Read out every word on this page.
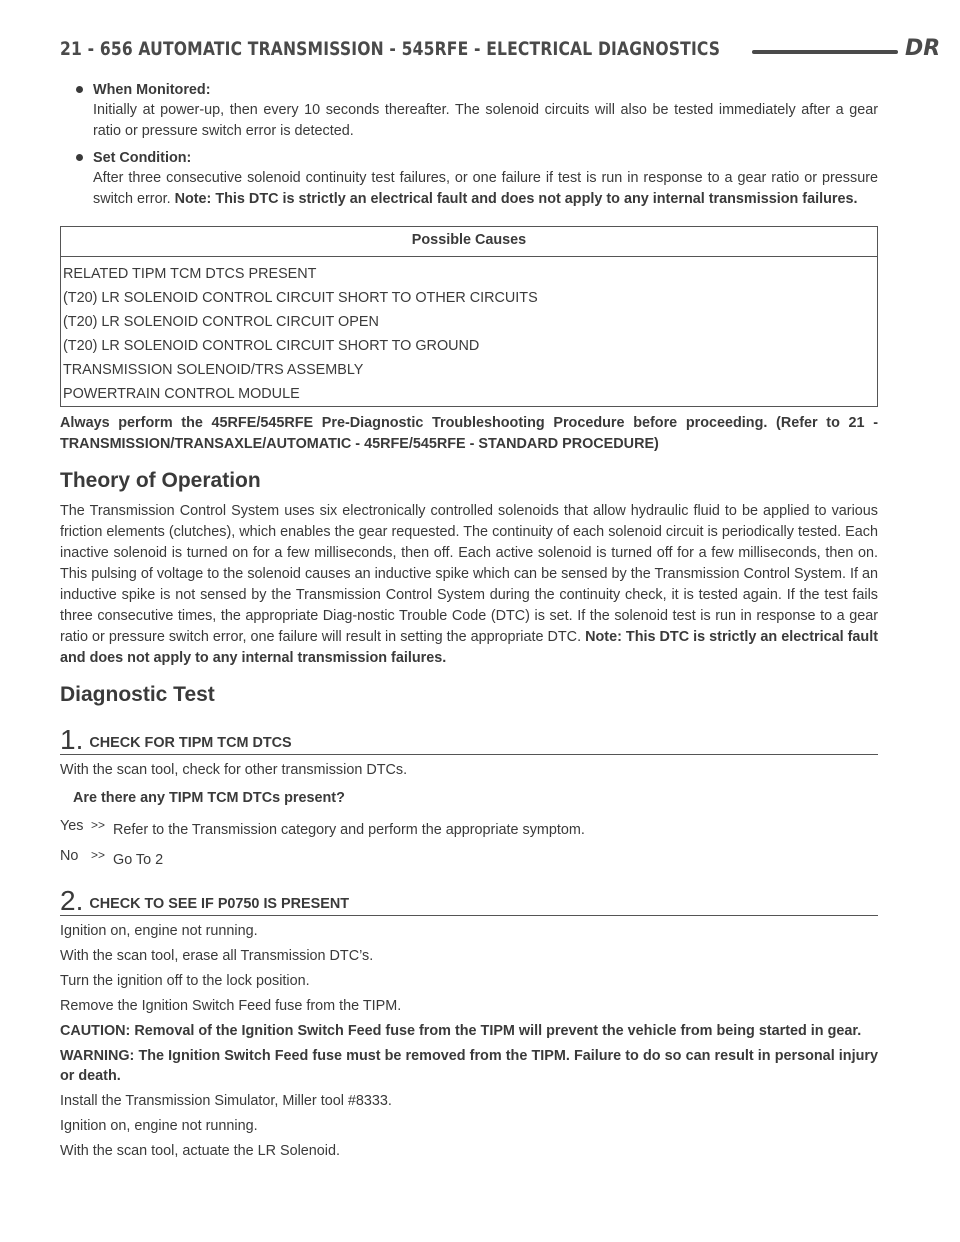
21 - 656 AUTOMATIC TRANSMISSION - 545RFE - ELECTRICAL DIAGNOSTICS	DR
When Monitored:
Initially at power-up, then every 10 seconds thereafter. The solenoid circuits will also be tested immediately after a gear ratio or pressure switch error is detected.
Set Condition:
After three consecutive solenoid continuity test failures, or one failure if test is run in response to a gear ratio or pressure switch error. Note: This DTC is strictly an electrical fault and does not apply to any internal transmission failures.
Possible Causes
RELATED TIPM TCM DTCS PRESENT
(T20) LR SOLENOID CONTROL CIRCUIT SHORT TO OTHER CIRCUITS
(T20) LR SOLENOID CONTROL CIRCUIT OPEN
(T20) LR SOLENOID CONTROL CIRCUIT SHORT TO GROUND
TRANSMISSION SOLENOID/TRS ASSEMBLY
POWERTRAIN CONTROL MODULE
Always perform the 45RFE/545RFE Pre-Diagnostic Troubleshooting Procedure before proceeding. (Refer to 21 - TRANSMISSION/TRANSAXLE/AUTOMATIC - 45RFE/545RFE - STANDARD PROCEDURE)
Theory of Operation
The Transmission Control System uses six electronically controlled solenoids that allow hydraulic fluid to be applied to various friction elements (clutches), which enables the gear requested. The continuity of each solenoid circuit is periodically tested. Each inactive solenoid is turned on for a few milliseconds, then off. Each active solenoid is turned off for a few milliseconds, then on. This pulsing of voltage to the solenoid causes an inductive spike which can be sensed by the Transmission Control System. If an inductive spike is not sensed by the Transmission Control System during the continuity check, it is tested again. If the test fails three consecutive times, the appropriate Diag-nostic Trouble Code (DTC) is set. If the solenoid test is run in response to a gear ratio or pressure switch error, one failure will result in setting the appropriate DTC. Note: This DTC is strictly an electrical fault and does not apply to any internal transmission failures.
Diagnostic Test
1. CHECK FOR TIPM TCM DTCS
With the scan tool, check for other transmission DTCs.
Are there any TIPM TCM DTCs present?
Yes >> Refer to the Transmission category and perform the appropriate symptom.
No	>> Go To 2
2. CHECK TO SEE IF P0750 IS PRESENT
Ignition on, engine not running.
With the scan tool, erase all Transmission DTC’s.
Turn the ignition off to the lock position.
Remove the Ignition Switch Feed fuse from the TIPM.
CAUTION: Removal of the Ignition Switch Feed fuse from the TIPM will prevent the vehicle from being started in gear.
WARNING: The Ignition Switch Feed fuse must be removed from the TIPM. Failure to do so can result in personal injury or death.
Install the Transmission Simulator, Miller tool #8333.
Ignition on, engine not running.
With the scan tool, actuate the LR Solenoid.
